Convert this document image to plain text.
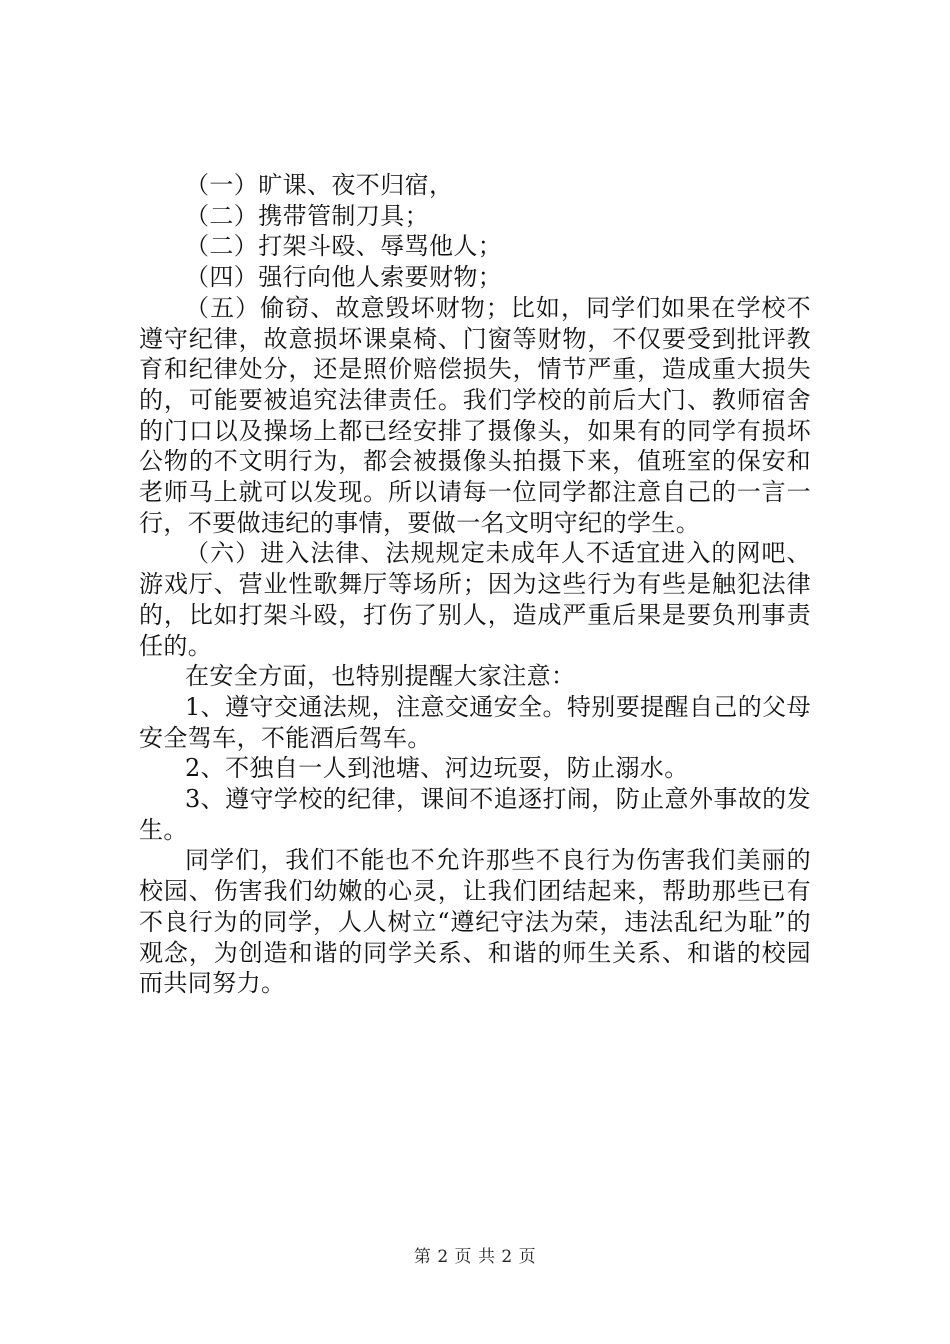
（一）旷课、夜不归宿，

（二）携带管制刀具；

（二）打架斗殴、辱骂他人；

（四）强行向他人索要财物；

（五）偷窃、故意毁坏财物；比如，同学们如果在学校不遵守纪律，故意损坏课桌椅、门窗等财物，不仅要受到批评教育和纪律处分，还是照价赔偿损失，情节严重，造成重大损失的，可能要被追究法律责任。我们学校的前后大门、教师宿舍的门口以及操场上都已经安排了摄像头，如果有的同学有损坏公物的不文明行为，都会被摄像头拍摄下来，值班室的保安和老师马上就可以发现。所以请每一位同学都注意自己的一言一行，不要做违纪的事情，要做一名文明守纪的学生。

（六）进入法律、法规规定未成年人不适宜进入的网吧、游戏厅、营业性歌舞厅等场所；因为这些行为有些是触犯法律的，比如打架斗殴，打伤了别人，造成严重后果是要负刑事责任的。

在安全方面，也特别提醒大家注意：

1、遵守交通法规，注意交通安全。特别要提醒自己的父母安全驾车，不能酒后驾车。

2、不独自一人到池塘、河边玩耍，防止溺水。

3、遵守学校的纪律，课间不追逐打闹，防止意外事故的发生。

同学们，我们不能也不允许那些不良行为伤害我们美丽的校园、伤害我们幼嫩的心灵，让我们团结起来，帮助那些已有不良行为的同学，人人树立“遵纪守法为荣，违法乱纪为耻”的观念，为创造和谐的同学关系、和谐的师生关系、和谐的校园而共同努力。

第 2 页 共 2 页
